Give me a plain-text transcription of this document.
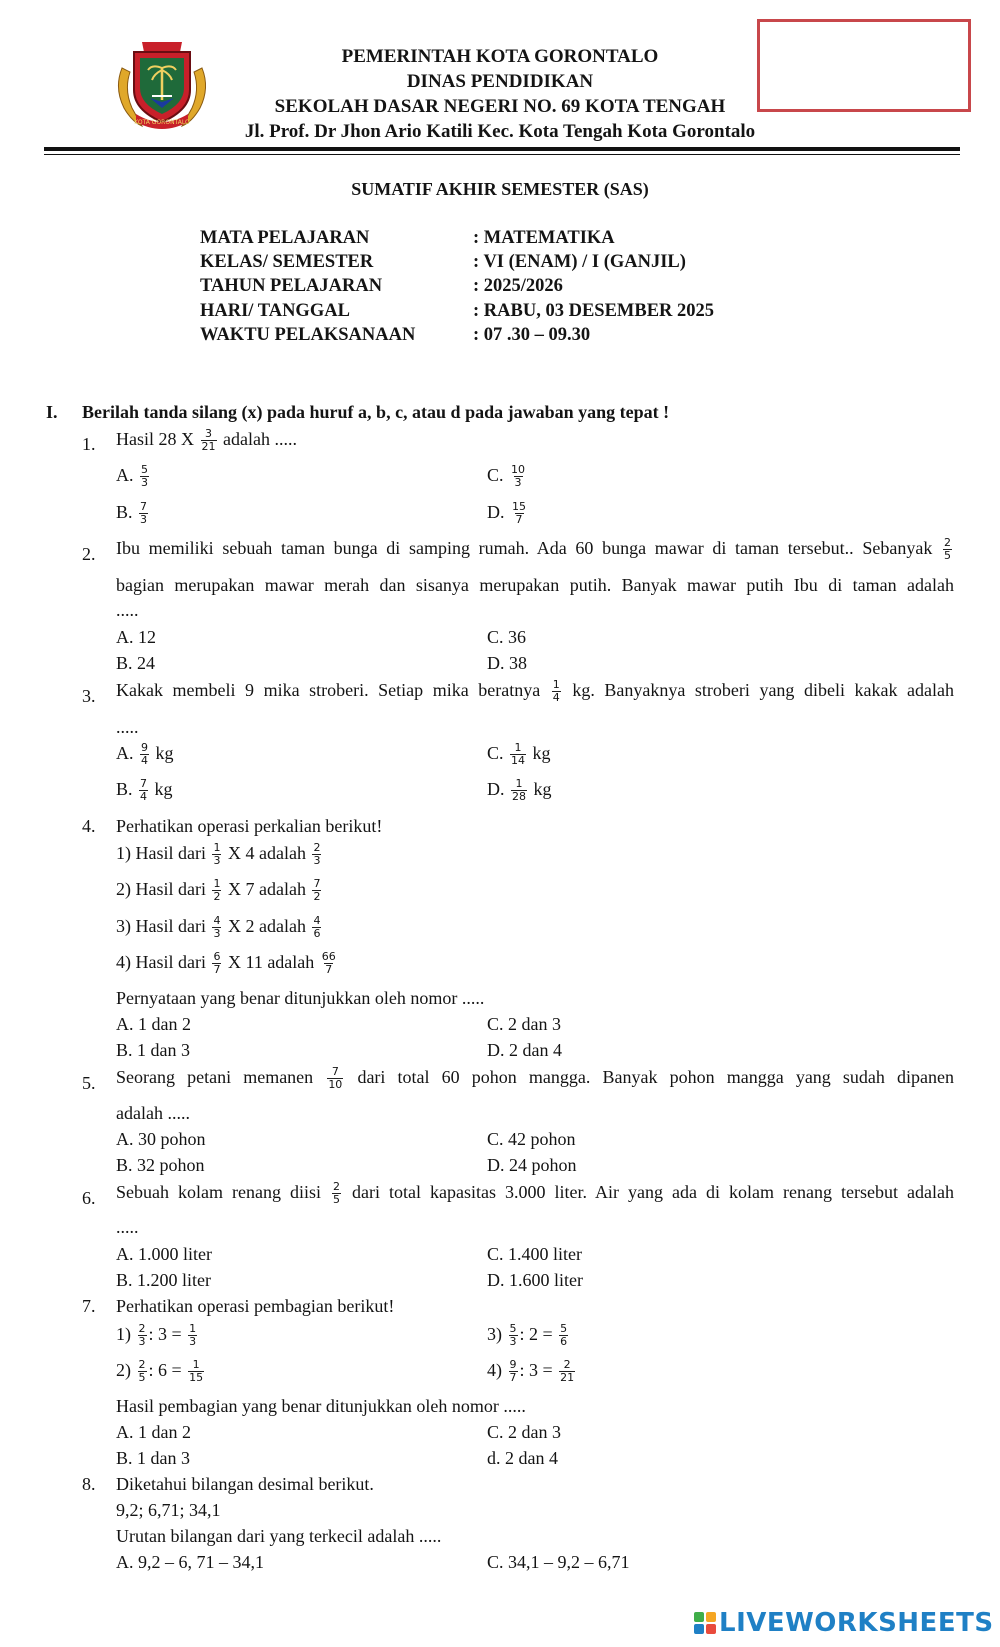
KOTA GORONTALO
PEMERINTAH KOTA GORONTALO
DINAS PENDIDIKAN
SEKOLAH DASAR NEGERI NO. 69 KOTA TENGAH
Jl. Prof. Dr Jhon Ario Katili Kec. Kota Tengah Kota Gorontalo
SUMATIF AKHIR SEMESTER (SAS)
MATA PELAJARAN	: MATEMATIKA
KELAS/ SEMESTER	: VI (ENAM) / I (GANJIL)
TAHUN PELAJARAN	: 2025/2026
HARI/ TANGGAL	: RABU, 03 DESEMBER 2025
WAKTU PELAKSANAAN	: 07 .30 – 09.30
I. Berilah tanda silang (x) pada huruf a, b, c, atau d pada jawaban yang tepat !
1. Hasil 28 X $\frac{3}{21}$ adalah .....
A. $\frac{5}{3}$	C. $\frac{10}{3}$
B. $\frac{7}{3}$	D. $\frac{15}{7}$
2. Ibu memiliki sebuah taman bunga di samping rumah. Ada 60 bunga mawar di taman tersebut.. Sebanyak $\frac{2}{5}$
bagian merupakan mawar merah dan sisanya merupakan putih. Banyak mawar putih Ibu di taman adalah
.....
A. 12	C. 36
B. 24	D. 38
3. Kakak membeli 9 mika stroberi. Setiap mika beratnya $\frac{1}{4}$ kg. Banyaknya stroberi yang dibeli kakak adalah
.....
A. $\frac{9}{4}$ kg	C. $\frac{1}{14}$ kg
B. $\frac{7}{4}$ kg	D. $\frac{1}{28}$ kg
4. Perhatikan operasi perkalian berikut!
1) Hasil dari $\frac{1}{3}$ X 4 adalah $\frac{2}{3}$
2) Hasil dari $\frac{1}{2}$ X 7 adalah $\frac{7}{2}$
3) Hasil dari $\frac{4}{3}$ X 2 adalah $\frac{4}{6}$
4) Hasil dari $\frac{6}{7}$ X 11 adalah $\frac{66}{7}$
Pernyataan yang benar ditunjukkan oleh nomor .....
A. 1 dan 2	C. 2 dan 3
B. 1 dan 3	D. 2 dan 4
5. Seorang petani memanen $\frac{7}{10}$ dari total 60 pohon mangga. Banyak pohon mangga yang sudah dipanen
adalah .....
A. 30 pohon	C. 42 pohon
B. 32 pohon	D. 24 pohon
6. Sebuah kolam renang diisi $\frac{2}{5}$ dari total kapasitas 3.000 liter. Air yang ada di kolam renang tersebut adalah
.....
A. 1.000 liter	C. 1.400 liter
B. 1.200 liter	D. 1.600 liter
7. Perhatikan operasi pembagian berikut!
$1) \frac{2}{3}$ : $3 = \frac{1}{3}$	$3) \frac{5}{3}$ : $2 = \frac{5}{6}$
$2) \frac{2}{5}$ : $6 = \frac{1}{15}$	$4) \frac{9}{7}$ : $3 = \frac{2}{21}$
Hasil pembagian yang benar ditunjukkan oleh nomor .....
A. 1 dan 2	C. 2 dan 3
B. 1 dan 3	d. 2 dan 4
8. Diketahui bilangan desimal berikut.
9,2; 6,71; 34,1
Urutan bilangan dari yang terkecil adalah .....
A. 9,2 – 6, 71 – 34,1	C. 34,1 – 9,2 – 6,71
LIVEWORKSHEETS
